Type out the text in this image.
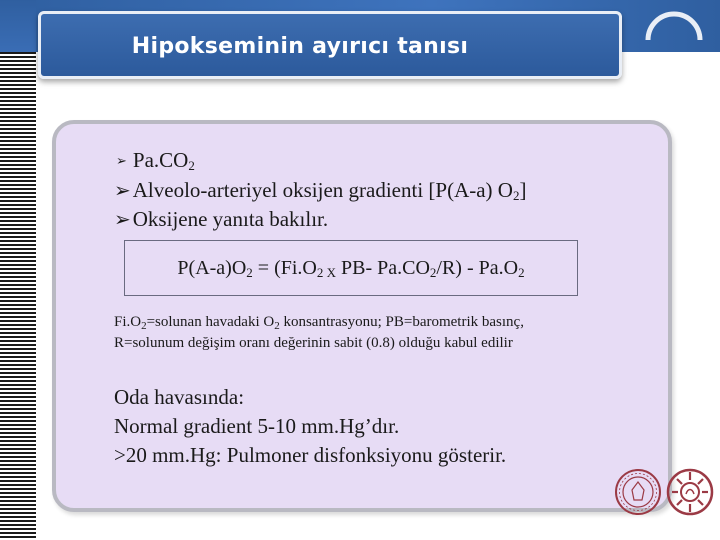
Hipokseminin ayırıcı tanısı
➢ $Pa.CO_2$
➢Alveolo-arteriyel oksijen gradienti [P(A-a) $O_2$]
➢Oksijene yanıta bakılır.
$P(A-a)O_2 = (Fi.O_{2 X}$ PB- $Pa.CO_2/R) - Pa.O_2$
$Fi.O_2=solunan$ havadaki $O_2$ konsantrasyonu; PB=barometrik basınç,
R=solunum değişim oranı değerinin sabit (0.8) olduğu kabul edilir
Oda havasında:
Normal gradient 5-10 mm.Hg’dır.
>20 mm.Hg: Pulmoner disfonksiyonu gösterir.
